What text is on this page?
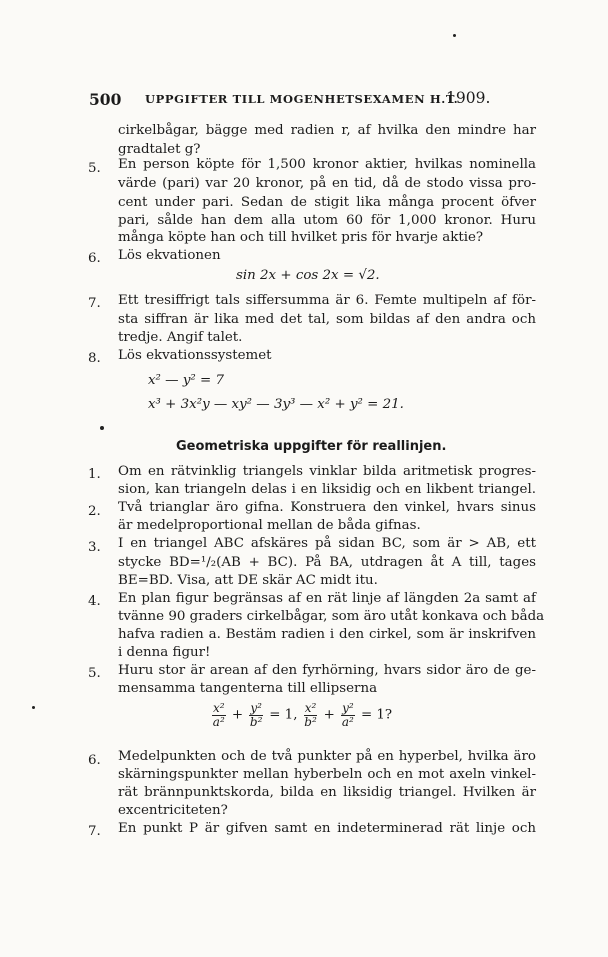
500 UPPGIFTER TILL MOGENHETSEXAMEN H.T.
1909.
cirkelbågar, bägge med radien r, af hvilka den mindre har
gradtalet g?
5. En person köpte för 1,500 kronor aktier, hvilkas nominella
värde (pari) var 20 kronor, på en tid, då de stodo vissa pro-
cent under pari. Sedan de stigit lika många procent öfver
pari, sålde han dem alla utom 60 för 1,000 kronor. Huru
många köpte han och till hvilket pris för hvarje aktie?
6. Lös ekvationen
sin 2x + cos 2x = √2.
7. Ett tresiffrigt tals siffersumma är 6. Femte multipeln af för-
sta siffran är lika med det tal, som bildas af den andra och
tredje. Angif talet.
8. Lös ekvationssystemet
x² — y² = 7
x³ + 3x²y — xy² — 3y³ — x² + y² = 21.
Geometriska uppgifter för reallinjen.
1. Om en rätvinklig triangels vinklar bilda aritmetisk progres-
sion, kan triangeln delas i en liksidig och en likbent triangel.
2. Två trianglar äro gifna. Konstruera den vinkel, hvars sinus
är medelproportional mellan de båda gifnas.
3. I en triangel ABC afskäres på sidan BC, som är > AB, ett
stycke BD=¹/₂(AB + BC). På BA, utdragen åt A till, tages
BE=BD. Visa, att DE skär AC midt itu.
4. En plan figur begränsas af en rät linje af längden 2a samt af
tvänne 90 graders cirkelbågar, som äro utåt konkava och båda
hafva radien a. Bestäm radien i den cirkel, som är inskrifven
i denna figur!
5. Huru stor är arean af den fyrhörning, hvars sidor äro de ge-
mensamma tangenterna till ellipserna
$\frac{\text{x²}}{\text{a²}} + \frac{\text{y²}}{\text{b²}} = 1$, $\frac{\text{x²}}{\text{b²}} + \frac{\text{y²}}{\text{a²}} = 1$?
6. Medelpunkten och de två punkter på en hyperbel, hvilka äro
skärningspunkter mellan hyberbeln och en mot axeln vinkel-
rät brännpunktskorda, bilda en liksidig triangel. Hvilken är
excentriciteten?
7. En punkt P är gifven samt en indeterminerad rät linje och
